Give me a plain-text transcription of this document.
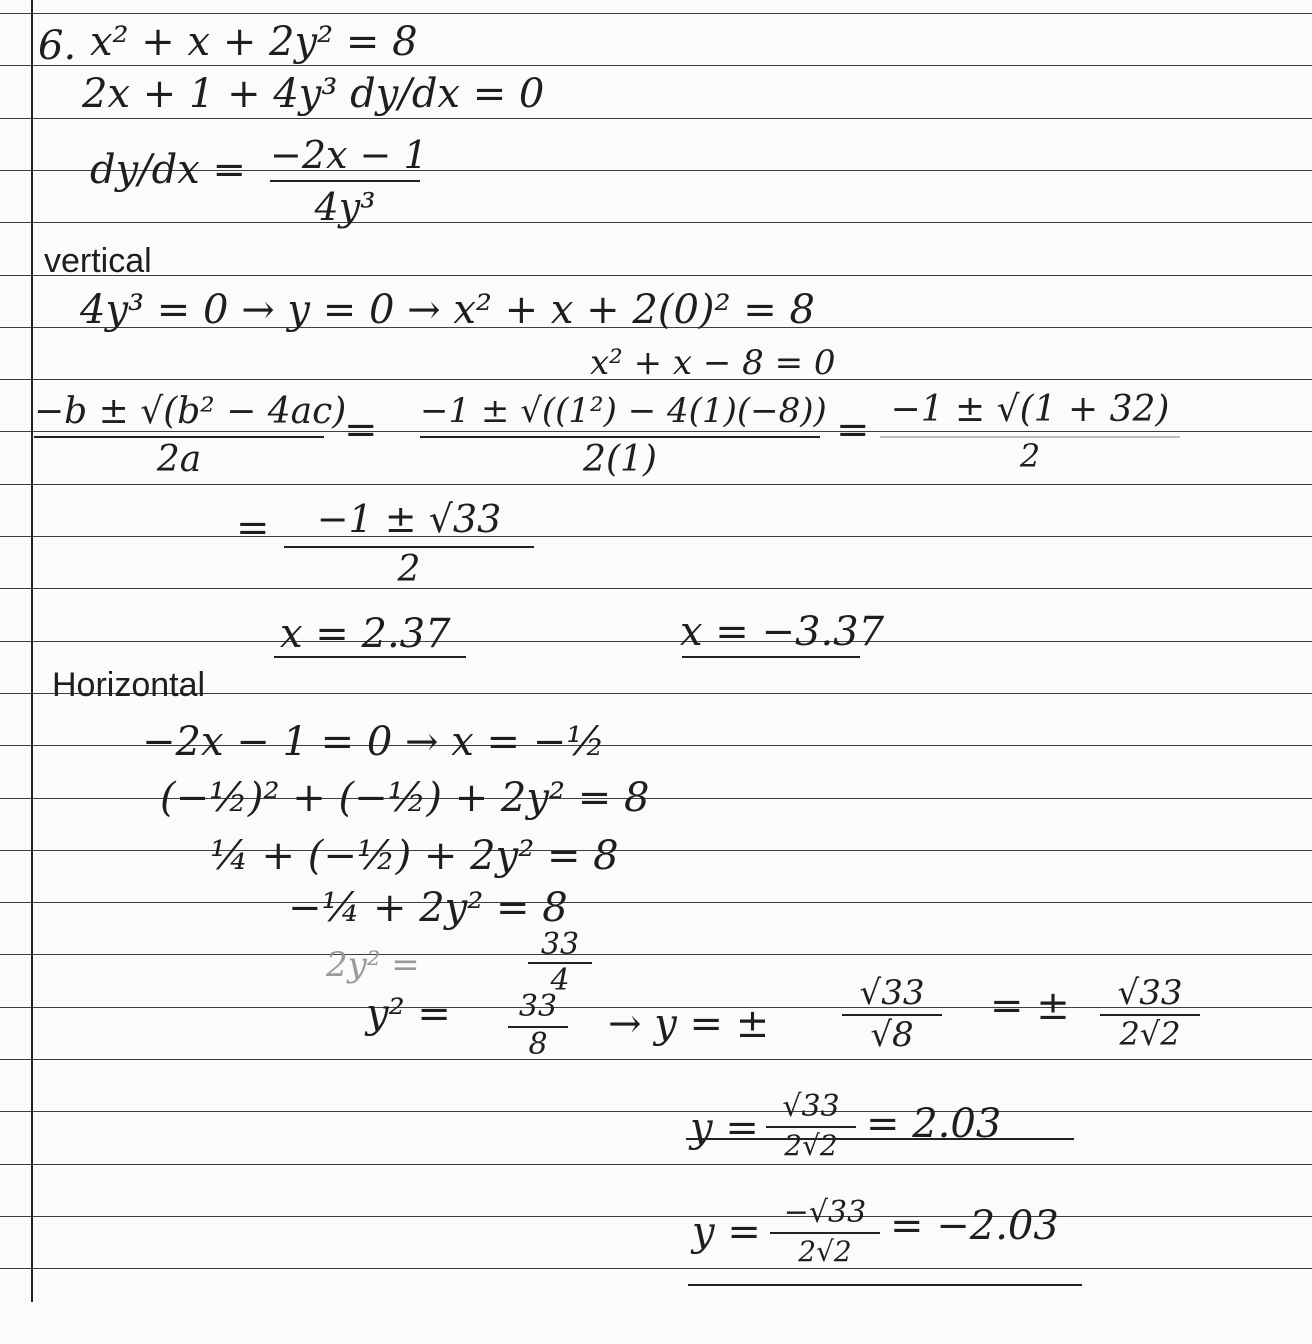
6. x² + x + 2y² = 8
2x + 1 + 4y³ dy/dx = 0
dy/dx = −2x − 1
4y³
vertical
4y³ = 0 → y = 0 → x² + x + 2(0)² = 8
x² + x − 8 = 0
−b ± √(b² − 4ac)
2a
= −1 ± √((1²) − 4(1)(−8))
2(1)
= −1 ± √(1 + 32)
2
=	−1 ± √33
2
x = 2.37	x = −3.37
Horizontal
−2x − 1 = 0 → x = −½
(−½)² + (−½) + 2y² = 8
¼ + (−½) + 2y² = 8
−¼ + 2y² = 8
2y² =
33
4
y² =	33
8	→ y = ±
√33
√8
= ±	√33
2√2
y = √33
2√2 = 2.03
y = −√33
2√2
= −2.03
